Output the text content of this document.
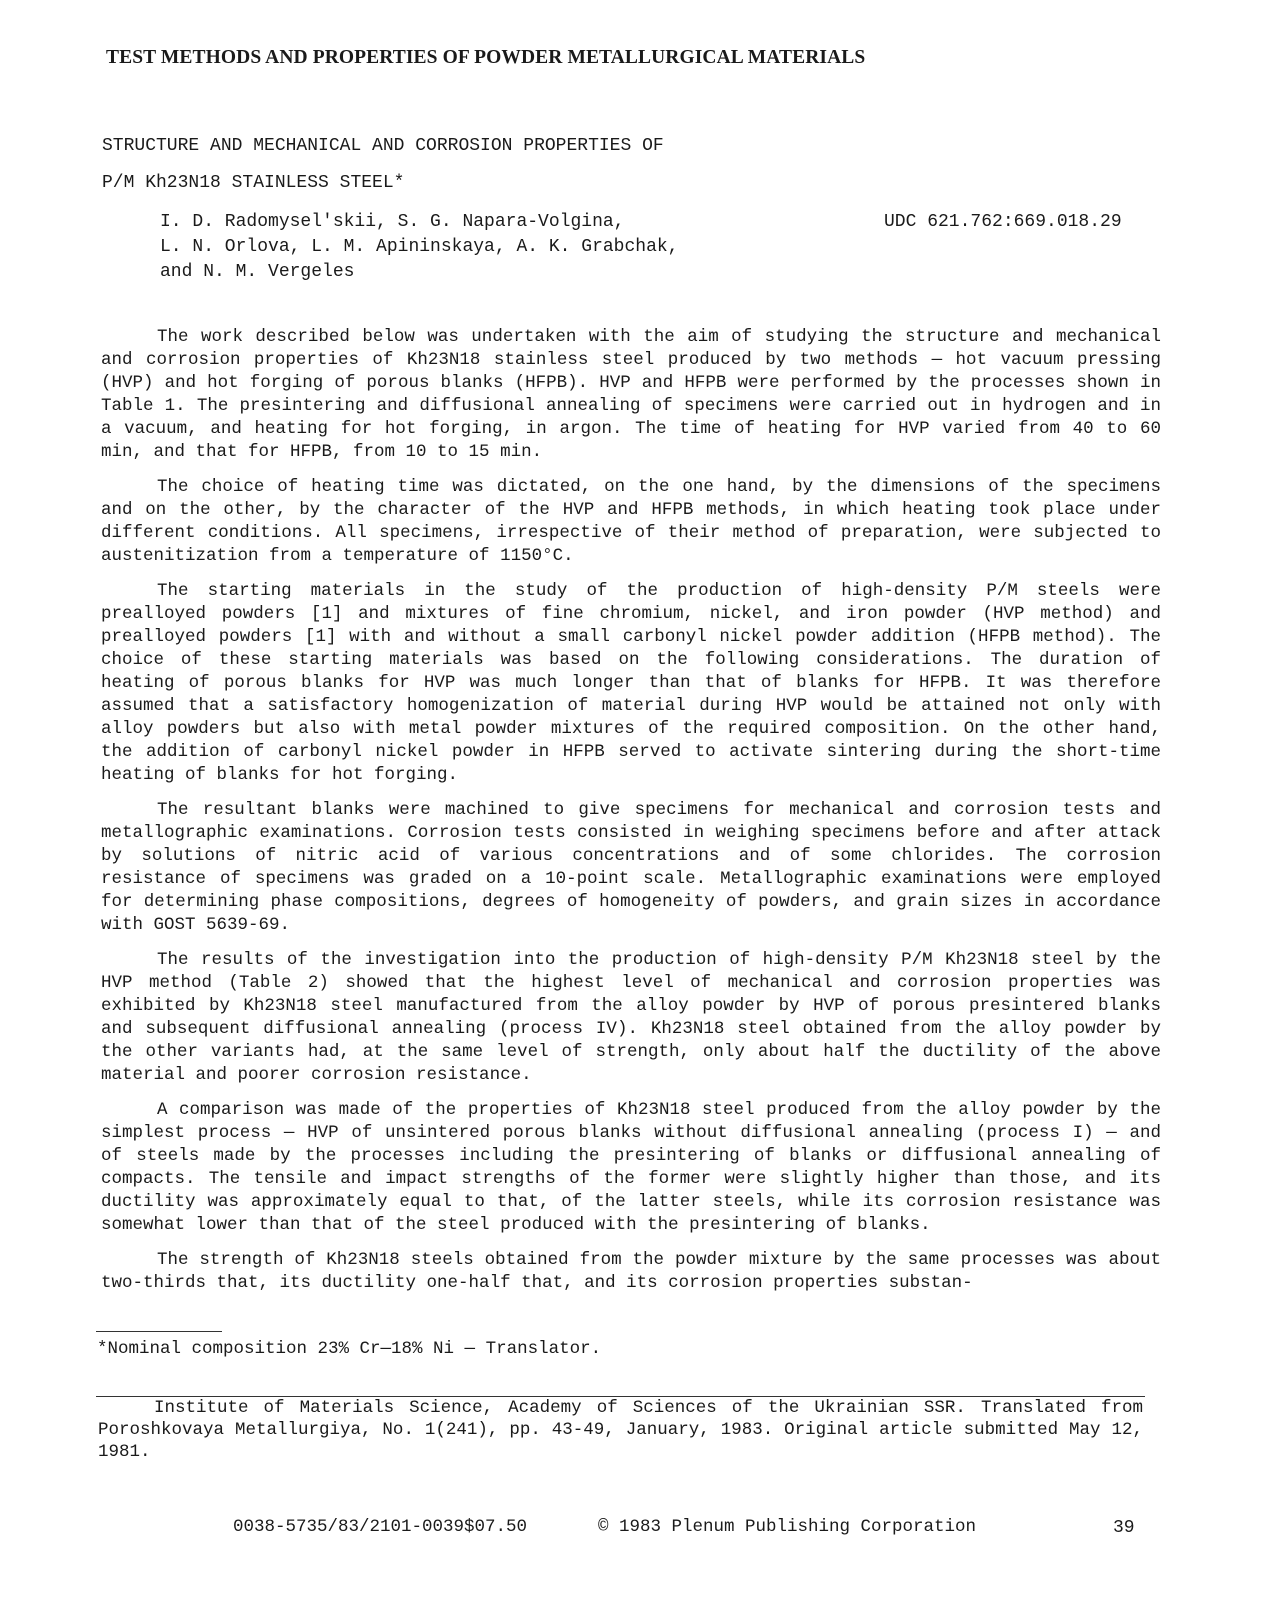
TEST METHODS AND PROPERTIES OF POWDER METALLURGICAL MATERIALS
STRUCTURE AND MECHANICAL AND CORROSION PROPERTIES OF
P/M Kh23N18 STAINLESS STEEL*
I. D. Radomysel'skii, S. G. Napara-Volgina,
L. N. Orlova, L. M. Apininskaya, A. K. Grabchak,
and N. M. Vergeles
UDC 621.762:669.018.29

The work described below was undertaken with the aim of studying the structure and mechanical and corrosion properties of Kh23N18 stainless steel produced by two methods — hot vacuum pressing (HVP) and hot forging of porous blanks (HFPB). HVP and HFPB were performed by the processes shown in Table 1. The presintering and diffusional annealing of specimens were carried out in hydrogen and in a vacuum, and heating for hot forging, in argon. The time of heating for HVP varied from 40 to 60 min, and that for HFPB, from 10 to 15 min.

The choice of heating time was dictated, on the one hand, by the dimensions of the specimens and on the other, by the character of the HVP and HFPB methods, in which heating took place under different conditions. All specimens, irrespective of their method of preparation, were subjected to austenitization from a temperature of 1150°C.

The starting materials in the study of the production of high-density P/M steels were prealloyed powders [1] and mixtures of fine chromium, nickel, and iron powder (HVP method) and prealloyed powders [1] with and without a small carbonyl nickel powder addition (HFPB method). The choice of these starting materials was based on the following considerations. The duration of heating of porous blanks for HVP was much longer than that of blanks for HFPB. It was therefore assumed that a satisfactory homogenization of material during HVP would be attained not only with alloy powders but also with metal powder mixtures of the required composition. On the other hand, the addition of carbonyl nickel powder in HFPB served to activate sintering during the short-time heating of blanks for hot forging.

The resultant blanks were machined to give specimens for mechanical and corrosion tests and metallographic examinations. Corrosion tests consisted in weighing specimens before and after attack by solutions of nitric acid of various concentrations and of some chlorides. The corrosion resistance of specimens was graded on a 10-point scale. Metallographic examinations were employed for determining phase compositions, degrees of homogeneity of powders, and grain sizes in accordance with GOST 5639-69.

The results of the investigation into the production of high-density P/M Kh23N18 steel by the HVP method (Table 2) showed that the highest level of mechanical and corrosion properties was exhibited by Kh23N18 steel manufactured from the alloy powder by HVP of porous presintered blanks and subsequent diffusional annealing (process IV). Kh23N18 steel obtained from the alloy powder by the other variants had, at the same level of strength, only about half the ductility of the above material and poorer corrosion resistance.

A comparison was made of the properties of Kh23N18 steel produced from the alloy powder by the simplest process — HVP of unsintered porous blanks without diffusional annealing (process I) — and of steels made by the processes including the presintering of blanks or diffusional annealing of compacts. The tensile and impact strengths of the former were slightly higher than those, and its ductility was approximately equal to that, of the latter steels, while its corrosion resistance was somewhat lower than that of the steel produced with the presintering of blanks.

The strength of Kh23N18 steels obtained from the powder mixture by the same processes was about two-thirds that, its ductility one-half that, and its corrosion properties substan-

*Nominal composition 23% Cr—18% Ni — Translator.
Institute of Materials Science, Academy of Sciences of the Ukrainian SSR. Translated from Poroshkovaya Metallurgiya, No. 1(241), pp. 43-49, January, 1983. Original article submitted May 12, 1981.
0038-5735/83/2101-0039$07.50	© 1983 Plenum Publishing Corporation	39
